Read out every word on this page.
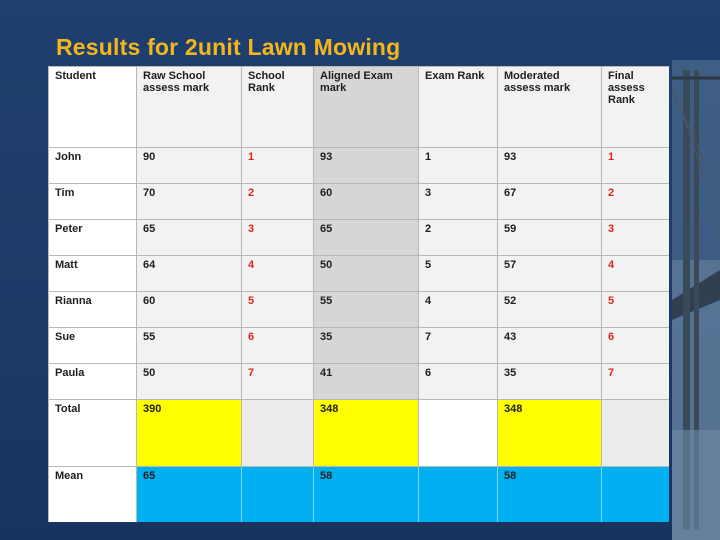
Results for 2unit Lawn Mowing
Student	Raw School assess mark	School Rank	Aligned Exam mark	Exam Rank	Moderated assess mark	Final assess Rank
John	90	1	93	1	93	1
Tim	70	2	60	3	67	2
Peter	65	3	65	2	59	3
Matt	64	4	50	5	57	4
Rianna	60	5	55	4	52	5
Sue	55	6	35	7	43	6
Paula	50	7	41	6	35	7
Total	390		348		348	
Mean	65		58		58	
